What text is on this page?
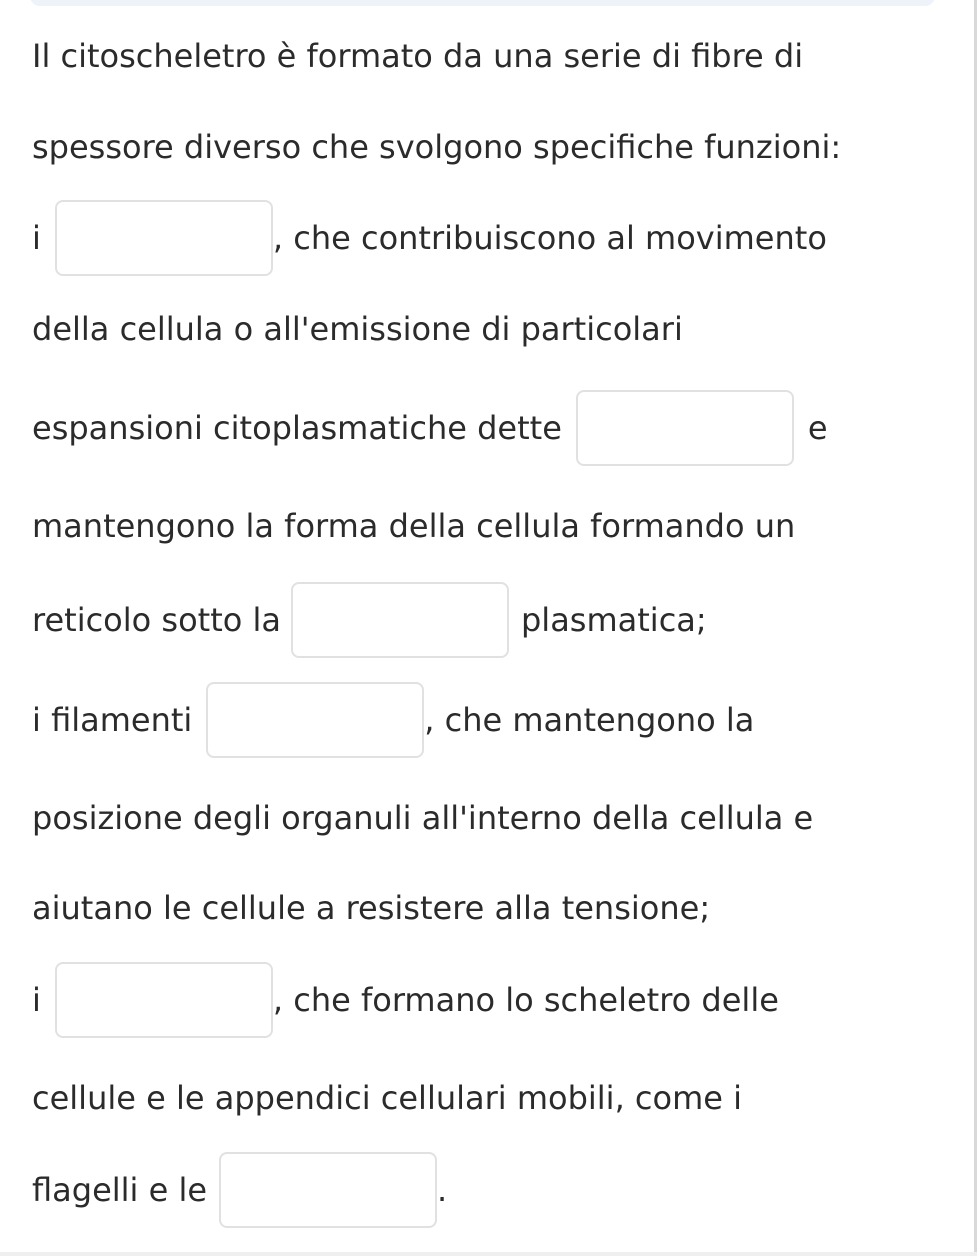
Il citoscheletro è formato da una serie di fibre di
spessore diverso che svolgono specifiche funzioni:
i	, che contribuiscono al movimento
della cellula o all'emissione di particolari
espansioni citoplasmatiche dette	e
mantengono la forma della cellula formando un
reticolo sotto la	plasmatica;
i filamenti	, che mantengono la
posizione degli organuli all'interno della cellula e
aiutano le cellule a resistere alla tensione;
i	, che formano lo scheletro delle
cellule e le appendici cellulari mobili, come i
flagelli e le	.
